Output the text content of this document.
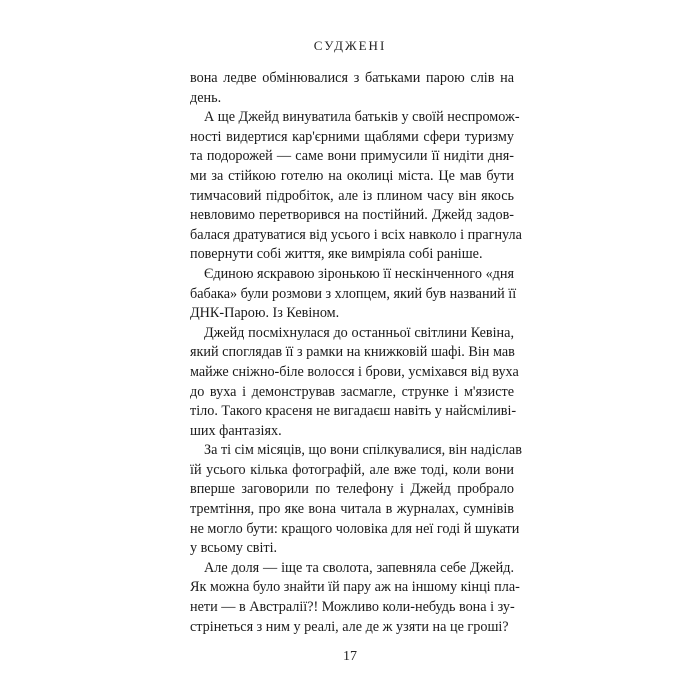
СУДЖЕНІ
вона ледве обмінювалися з батьками парою слів на
день.
А ще Джейд винуватила батьків у своїй неспромож-
ності видертися кар'єрними щаблями сфери туризму
та подорожей — саме вони примусили її нидіти дня-
ми за стійкою готелю на околиці міста. Це мав бути
тимчасовий підробіток, але із плином часу він якось
невловимо перетворився на постійний. Джейд задов-
балася дратуватися від усього і всіх навколо і прагнула
повернути собі життя, яке вимріяла собі раніше.
Єдиною яскравою зіронькою її нескінченного «дня
бабака» були розмови з хлопцем, який був названий її
ДНК-Парою. Із Кевіном.
Джейд посміхнулася до останньої світлини Кевіна,
який споглядав її з рамки на книжковій шафі. Він мав
майже сніжно-біле волосся і брови, усміхався від вуха
до вуха і демонстрував засмагле, струнке і м'язисте
тіло. Такого красеня не вигадаєш навіть у найсміливі-
ших фантазіях.
За ті сім місяців, що вони спілкувалися, він надіслав
їй усього кілька фотографій, але вже тоді, коли вони
вперше заговорили по телефону і Джейд пробрало
тремтіння, про яке вона читала в журналах, сумнівів
не могло бути: кращого чоловіка для неї годі й шукати
у всьому світі.
Але доля — іще та сволота, запевняла себе Джейд.
Як можна було знайти їй пару аж на іншому кінці пла-
нети — в Австралії?! Можливо коли-небудь вона і зу-
стрінеться з ним у реалі, але де ж узяти на це гроші?
17
